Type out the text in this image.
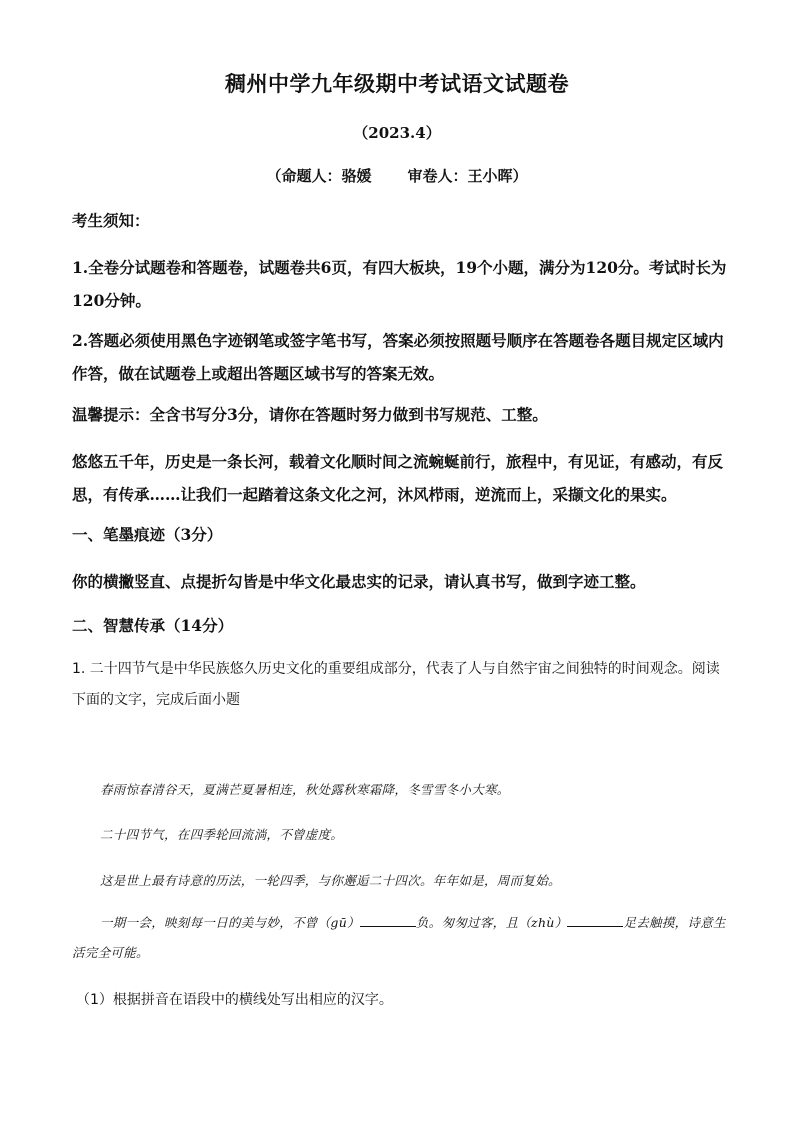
稠州中学九年级期中考试语文试题卷
（2023.4）
（命题人：骆媛 审卷人：王小晖）
考生须知：
1.全卷分试题卷和答题卷，试题卷共6页，有四大板块，19个小题，满分为120分。考试时长为120分钟。
2.答题必须使用黑色字迹钢笔或签字笔书写，答案必须按照题号顺序在答题卷各题目规定区域内作答，做在试题卷上或超出答题区域书写的答案无效。
温馨提示：全含书写分3分，请你在答题时努力做到书写规范、工整。
悠悠五千年，历史是一条长河，载着文化顺时间之流蜿蜒前行，旅程中，有见证，有感动，有反思，有传承……让我们一起踏着这条文化之河，沐风栉雨，逆流而上，采撷文化的果实。
一、笔墨痕迹（3分）
你的横撇竖直、点提折勾皆是中华文化最忠实的记录，请认真书写，做到字迹工整。
二、智慧传承（14分）
1. 二十四节气是中华民族悠久历史文化的重要组成部分，代表了人与自然宇宙之间独特的时间观念。阅读下面的文字，完成后面小题
春雨惊春清谷天，夏满芒夏暑相连，秋处露秋寒霜降，冬雪雪冬小大寒。
二十四节气，在四季轮回流淌，不曾虚度。
这是世上最有诗意的历法，一轮四季，与你邂逅二十四次。年年如是，周而复始。
一期一会，映刻每一日的美与妙，不曾（gū）	负。匆匆过客，且（zhù）	足去触摸，诗意生活完全可能。
（1）根据拼音在语段中的横线处写出相应的汉字。
